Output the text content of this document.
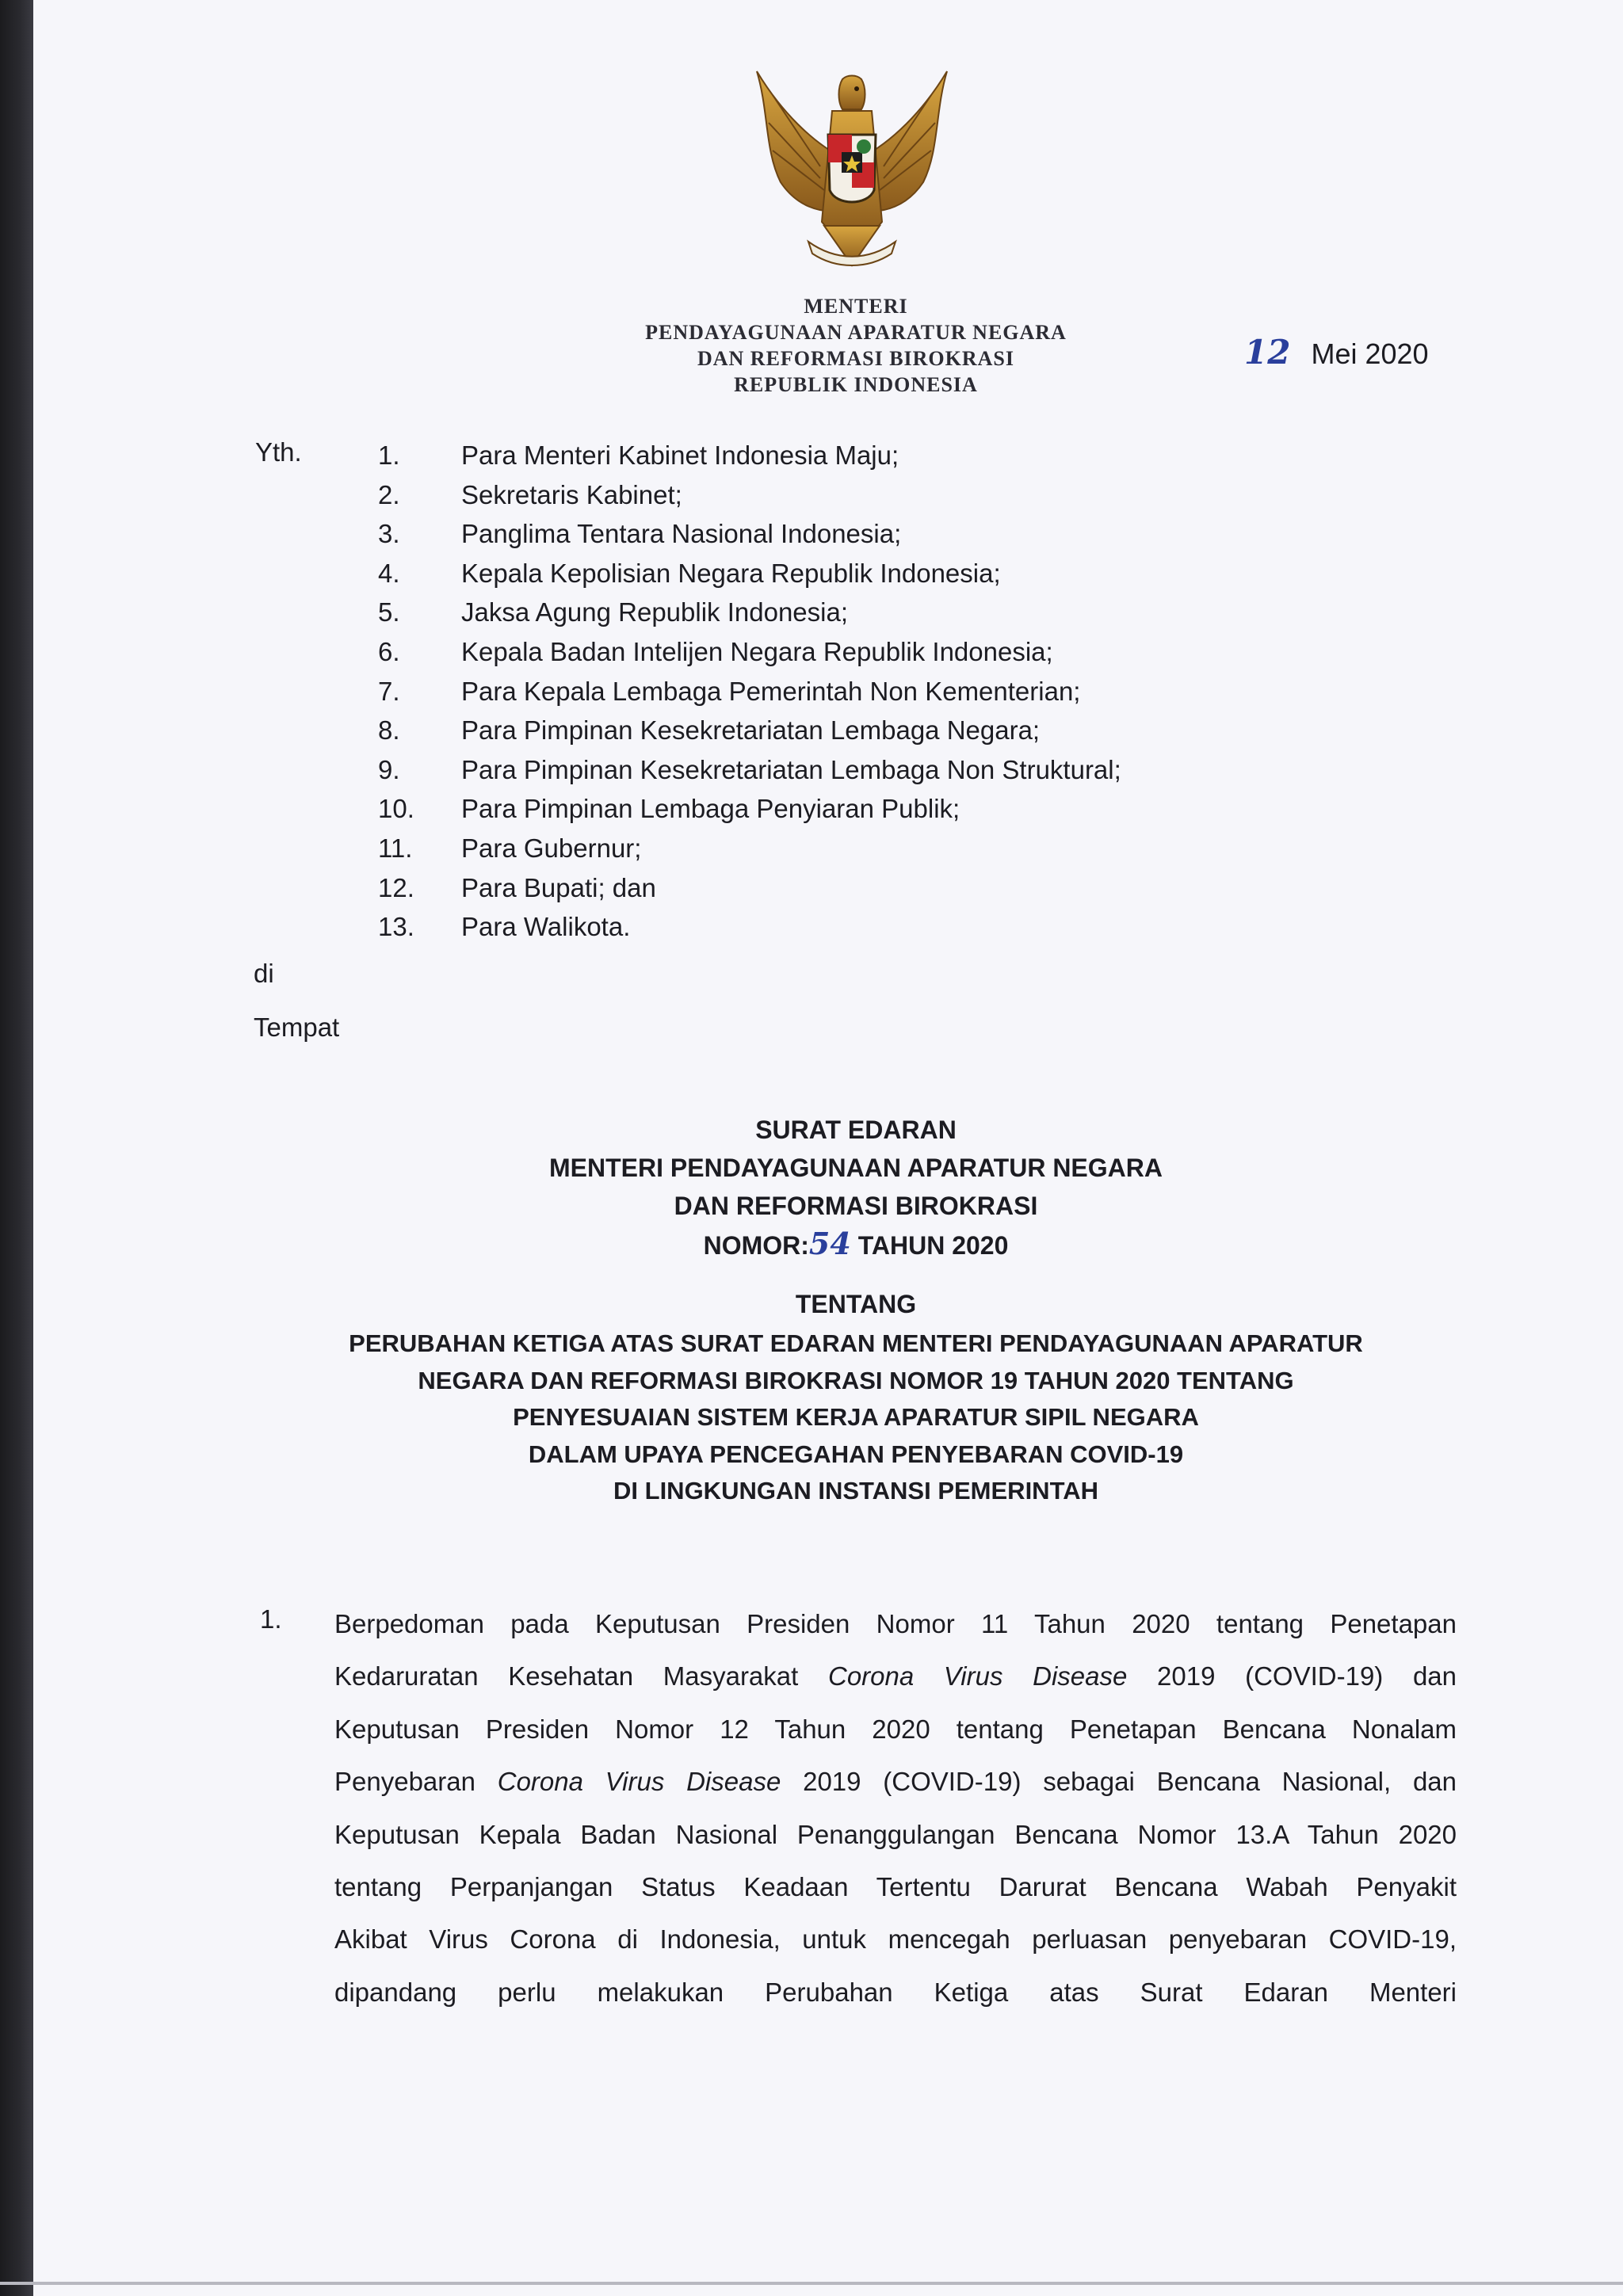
MENTERI
PENDAYAGUNAAN APARATUR NEGARA
DAN REFORMASI BIROKRASI
REPUBLIK INDONESIA
12 Mei 2020
Yth.	1. Para Menteri Kabinet Indonesia Maju;
2. Sekretaris Kabinet;
3. Panglima Tentara Nasional Indonesia;
4. Kepala Kepolisian Negara Republik Indonesia;
5. Jaksa Agung Republik Indonesia;
6. Kepala Badan Intelijen Negara Republik Indonesia;
7. Para Kepala Lembaga Pemerintah Non Kementerian;
8. Para Pimpinan Kesekretariatan Lembaga Negara;
9. Para Pimpinan Kesekretariatan Lembaga Non Struktural;
10. Para Pimpinan Lembaga Penyiaran Publik;
11. Para Gubernur;
12. Para Bupati; dan
13. Para Walikota.
di
Tempat
SURAT EDARAN
MENTERI PENDAYAGUNAAN APARATUR NEGARA
DAN REFORMASI BIROKRASI
NOMOR:54 TAHUN 2020
TENTANG
PERUBAHAN KETIGA ATAS SURAT EDARAN MENTERI PENDAYAGUNAAN APARATUR
NEGARA DAN REFORMASI BIROKRASI NOMOR 19 TAHUN 2020 TENTANG
PENYESUAIAN SISTEM KERJA APARATUR SIPIL NEGARA
DALAM UPAYA PENCEGAHAN PENYEBARAN COVID-19
DI LINGKUNGAN INSTANSI PEMERINTAH
1. Berpedoman pada Keputusan Presiden Nomor 11 Tahun 2020 tentang Penetapan
Kedaruratan Kesehatan Masyarakat Corona Virus Disease 2019 (COVID-19) dan
Keputusan Presiden Nomor 12 Tahun 2020 tentang Penetapan Bencana Nonalam
Penyebaran Corona Virus Disease 2019 (COVID-19) sebagai Bencana Nasional, dan
Keputusan Kepala Badan Nasional Penanggulangan Bencana Nomor 13.A Tahun 2020
tentang Perpanjangan Status Keadaan Tertentu Darurat Bencana Wabah Penyakit
Akibat Virus Corona di Indonesia, untuk mencegah perluasan penyebaran COVID-19,
dipandang perlu melakukan Perubahan Ketiga atas Surat Edaran Menteri
